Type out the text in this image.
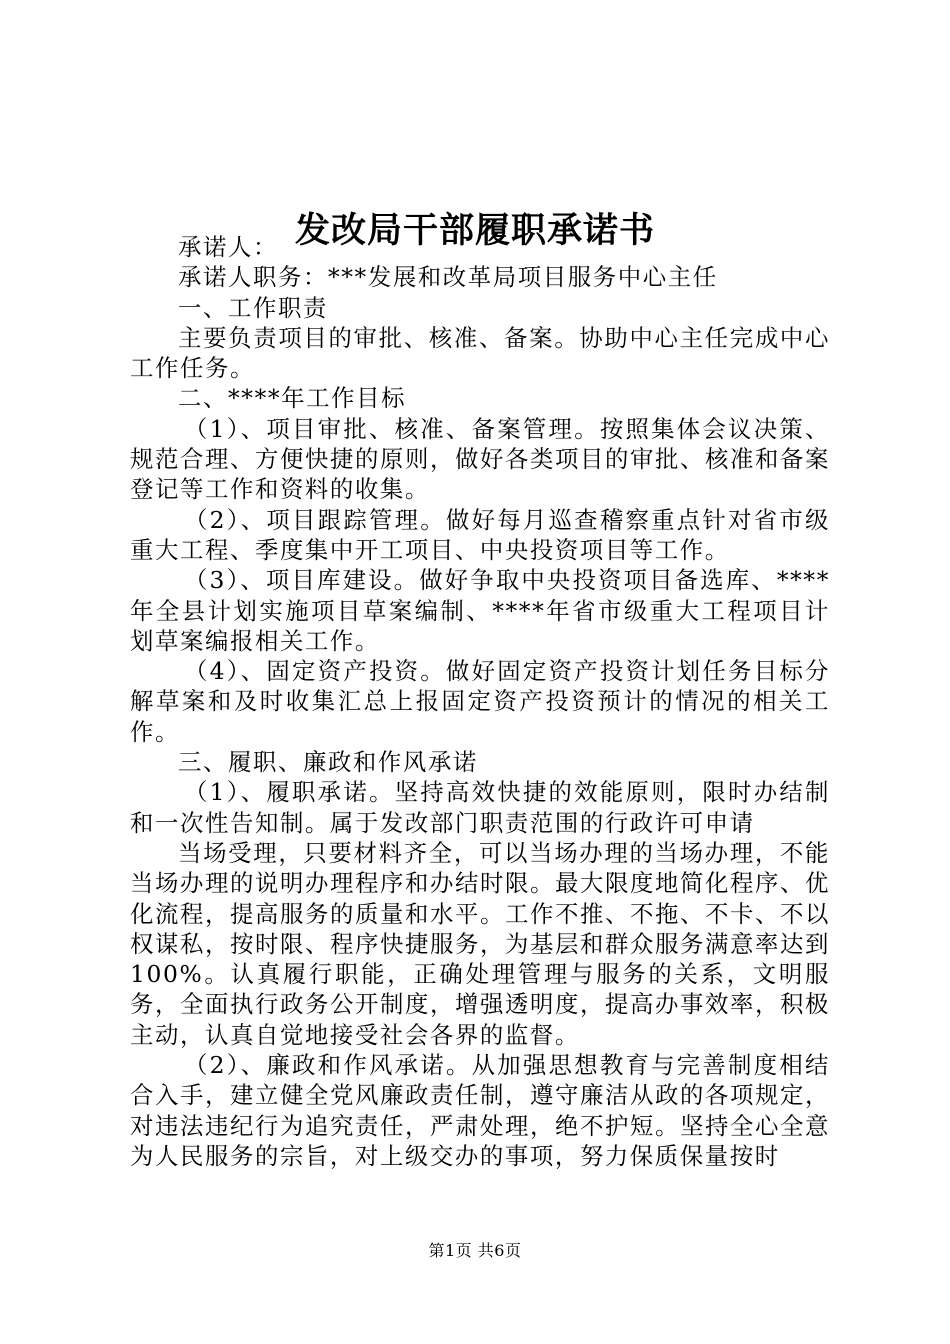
发改局干部履职承诺书

承诺人：

承诺人职务：***发展和改革局项目服务中心主任

一、工作职责

主要负责项目的审批、核准、备案。协助中心主任完成中心工作任务。

二、****年工作目标

（1）、项目审批、核准、备案管理。按照集体会议决策、规范合理、方便快捷的原则，做好各类项目的审批、核准和备案登记等工作和资料的收集。

（2）、项目跟踪管理。做好每月巡查稽察重点针对省市级重大工程、季度集中开工项目、中央投资项目等工作。

（3）、项目库建设。做好争取中央投资项目备选库、****年全县计划实施项目草案编制、****年省市级重大工程项目计划草案编报相关工作。

（4）、固定资产投资。做好固定资产投资计划任务目标分解草案和及时收集汇总上报固定资产投资预计的情况的相关工作。

三、履职、廉政和作风承诺

（1）、履职承诺。坚持高效快捷的效能原则，限时办结制和一次性告知制。属于发改部门职责范围的行政许可申请

当场受理，只要材料齐全，可以当场办理的当场办理，不能当场办理的说明办理程序和办结时限。最大限度地简化程序、优化流程，提高服务的质量和水平。工作不推、不拖、不卡、不以权谋私，按时限、程序快捷服务，为基层和群众服务满意率达到100%。认真履行职能，正确处理管理与服务的关系，文明服务，全面执行政务公开制度，增强透明度，提高办事效率，积极主动，认真自觉地接受社会各界的监督。

（2）、廉政和作风承诺。从加强思想教育与完善制度相结合入手，建立健全党风廉政责任制，遵守廉洁从政的各项规定，对违法违纪行为追究责任，严肃处理，绝不护短。坚持全心全意为人民服务的宗旨，对上级交办的事项，努力保质保量按时

第1页 共6页
